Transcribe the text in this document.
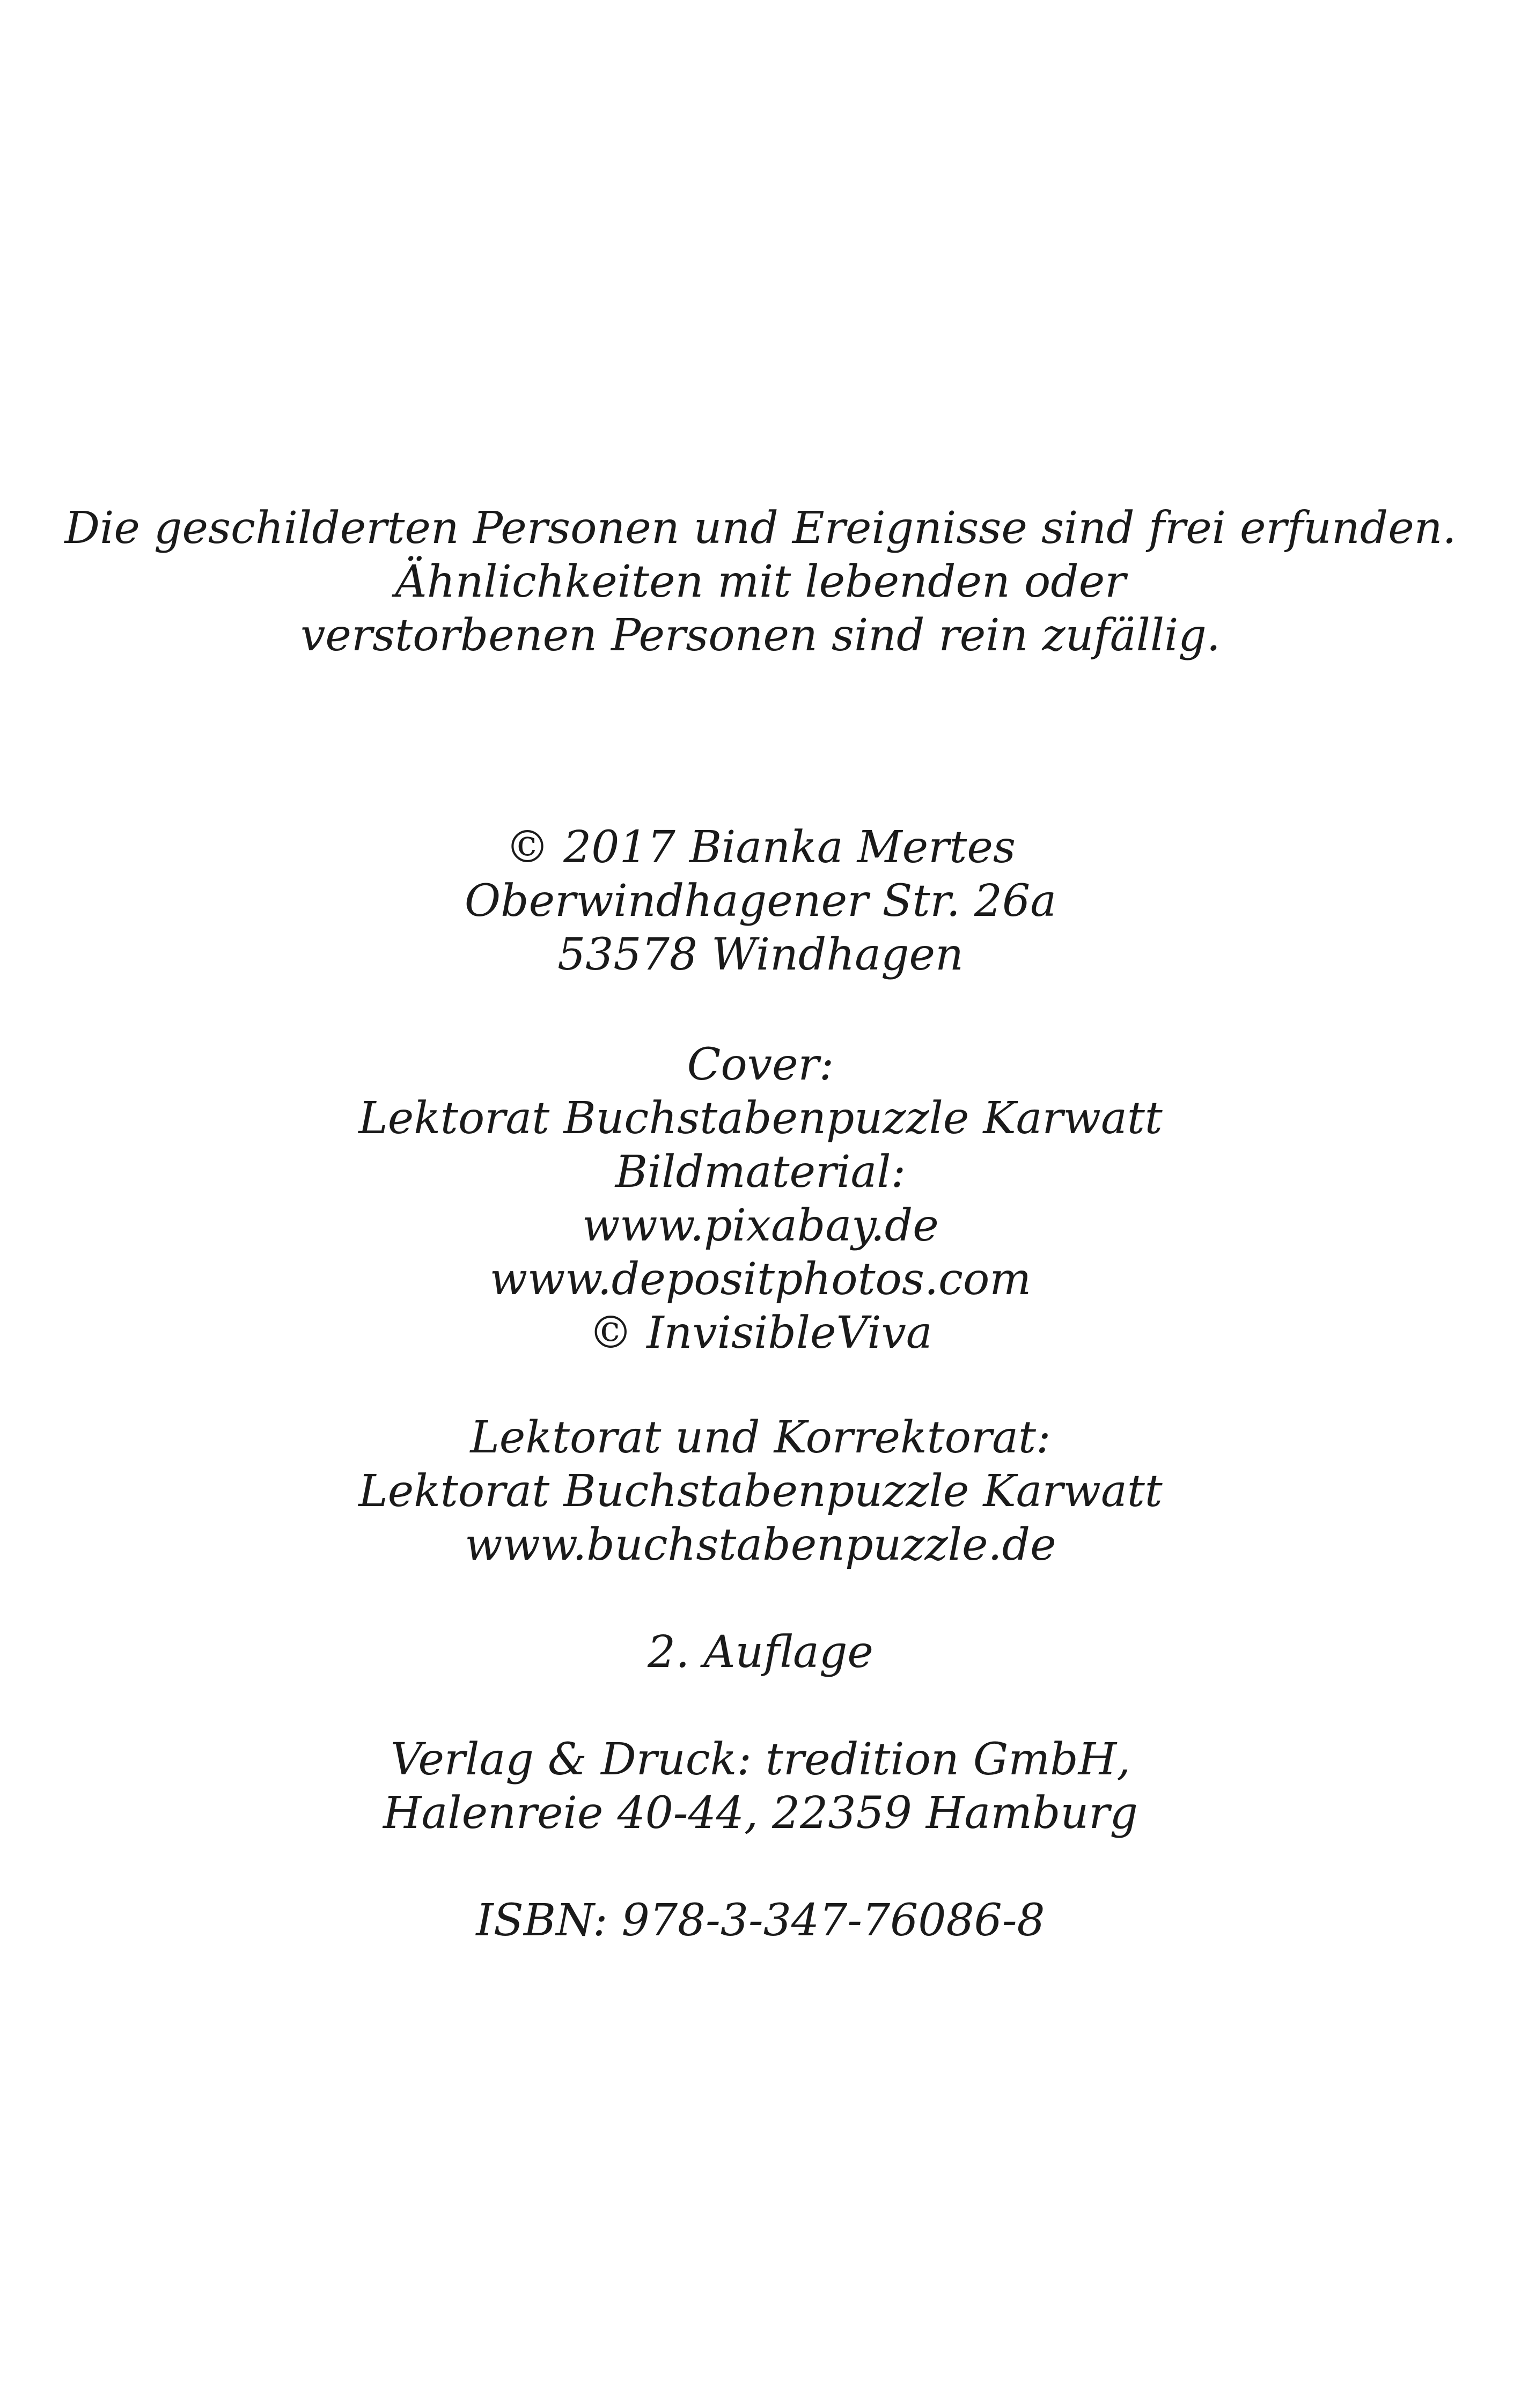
Die geschilderten Personen und Ereignisse sind frei erfunden.
Ähnlichkeiten mit lebenden oder
verstorbenen Personen sind rein zufällig.
© 2017 Bianka Mertes
Oberwindhagener Str. 26a
53578 Windhagen
Cover:
Lektorat Buchstabenpuzzle Karwatt
Bildmaterial:
www.pixabay.de
www.depositphotos.com
© InvisibleViva
Lektorat und Korrektorat:
Lektorat Buchstabenpuzzle Karwatt
www.buchstabenpuzzle.de
2. Auflage
Verlag & Druck: tredition GmbH,
Halenreie 40-44, 22359 Hamburg
ISBN: 978-3-347-76086-8
